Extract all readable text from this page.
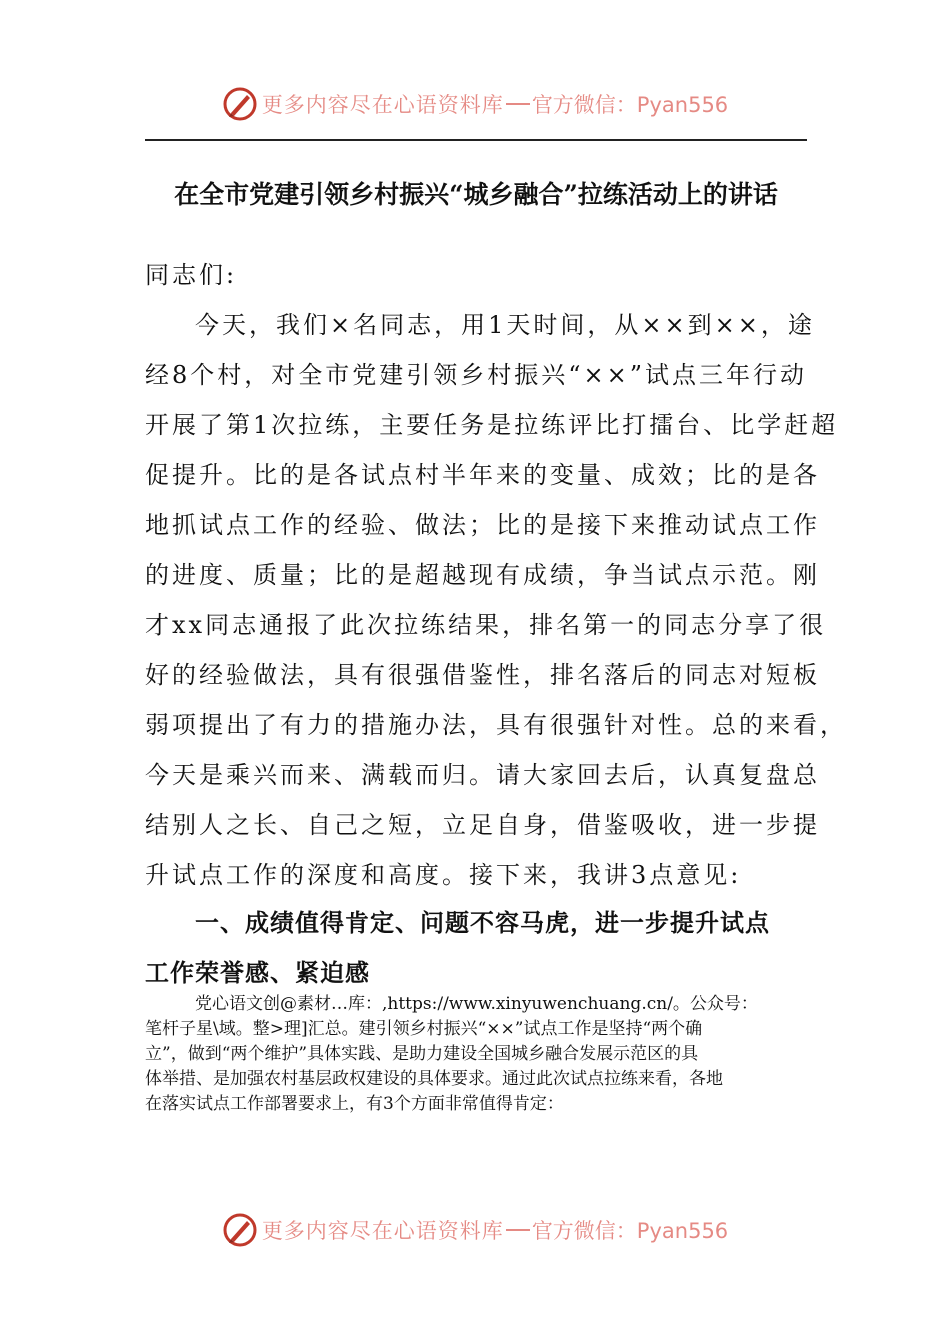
更多内容尽在心语资料库 官方微信：Pyan556
在全市党建引领乡村振兴“城乡融合”拉练活动上的讲话
同志们:
今天，我们×名同志，用1天时间，从××到××，途
经8个村，对全市党建引领乡村振兴“××”试点三年行动
开展了第1次拉练，主要任务是拉练评比打擂台、比学赶超
促提升。比的是各试点村半年来的变量、成效；比的是各
地抓试点工作的经验、做法；比的是接下来推动试点工作
的进度、质量；比的是超越现有成绩，争当试点示范。刚
才xx同志通报了此次拉练结果，排名第一的同志分享了很
好的经验做法，具有很强借鉴性，排名落后的同志对短板
弱项提出了有力的措施办法，具有很强针对性。总的来看，
今天是乘兴而来、满载而归。请大家回去后，认真复盘总
结别人之长、自己之短，立足自身，借鉴吸收，进一步提
升试点工作的深度和高度。接下来，我讲3点意见:
一、成绩值得肯定、问题不容马虎，进一步提升试点
工作荣誉感、紧迫感
党心语文创@素材…库：,https://www.xinyuwenchuang.cn/。公众号：
笔杆子星\域。整>理]汇总。建引领乡村振兴“××”试点工作是坚持“两个确
立”，做到“两个维护”具体实践、是助力建设全国城乡融合发展示范区的具
体举措、是加强农村基层政权建设的具体要求。通过此次试点拉练来看，各地
在落实试点工作部署要求上，有3个方面非常值得肯定：
更多内容尽在心语资料库 官方微信：Pyan556
